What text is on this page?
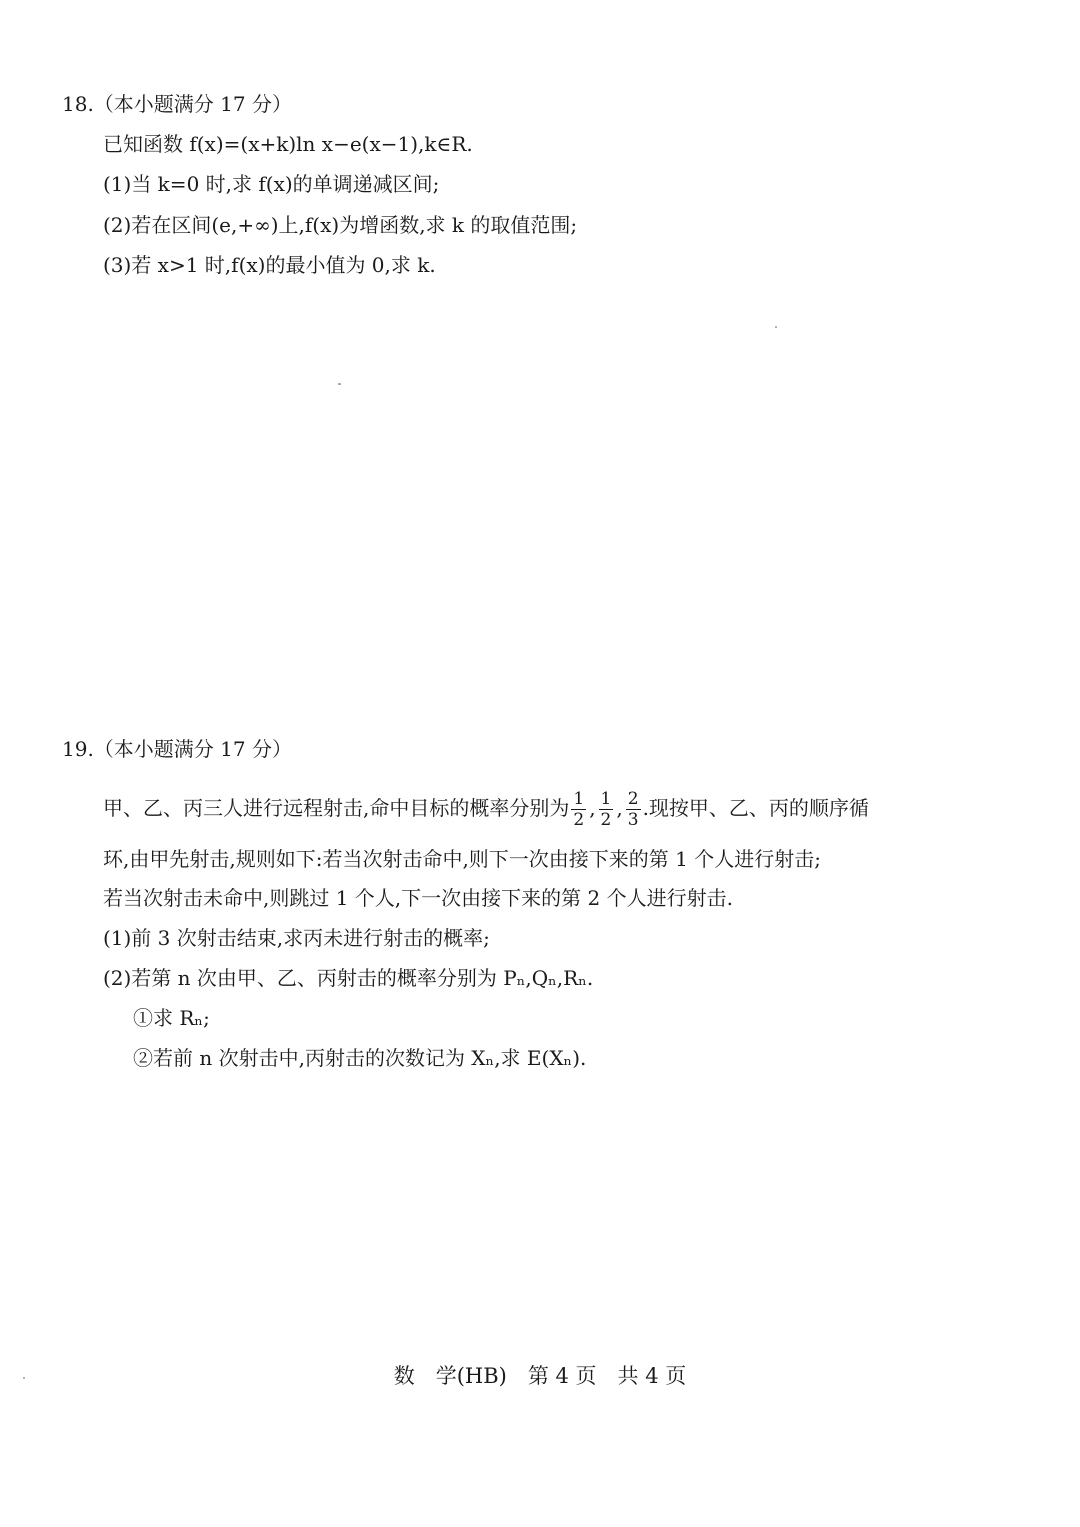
18.（本小题满分 17 分）
已知函数 f(x)=(x+k)ln x−e(x−1),k∈R.
(1)当 k=0 时,求 f(x)的单调递减区间;
(2)若在区间(e,+∞)上,f(x)为增函数,求 k 的取值范围;
(3)若 x>1 时,f(x)的最小值为 0,求 k.
19.（本小题满分 17 分）
甲、乙、丙三人进行远程射击,命中目标的概率分别为 $\frac{1}{2}$ , $\frac{1}{2}$ , $\frac{2}{3}$ .现按甲、乙、丙的顺序循
环,由甲先射击,规则如下:若当次射击命中,则下一次由接下来的第 1 个人进行射击;
若当次射击未命中,则跳过 1 个人,下一次由接下来的第 2 个人进行射击.
(1)前 3 次射击结束,求丙未进行射击的概率;
(2)若第 n 次由甲、乙、丙射击的概率分别为 Pₙ,Qₙ,Rₙ.
①求 Rₙ;
②若前 n 次射击中,丙射击的次数记为 Xₙ,求 E(Xₙ).
数　学(HB)　第 4 页　共 4 页
